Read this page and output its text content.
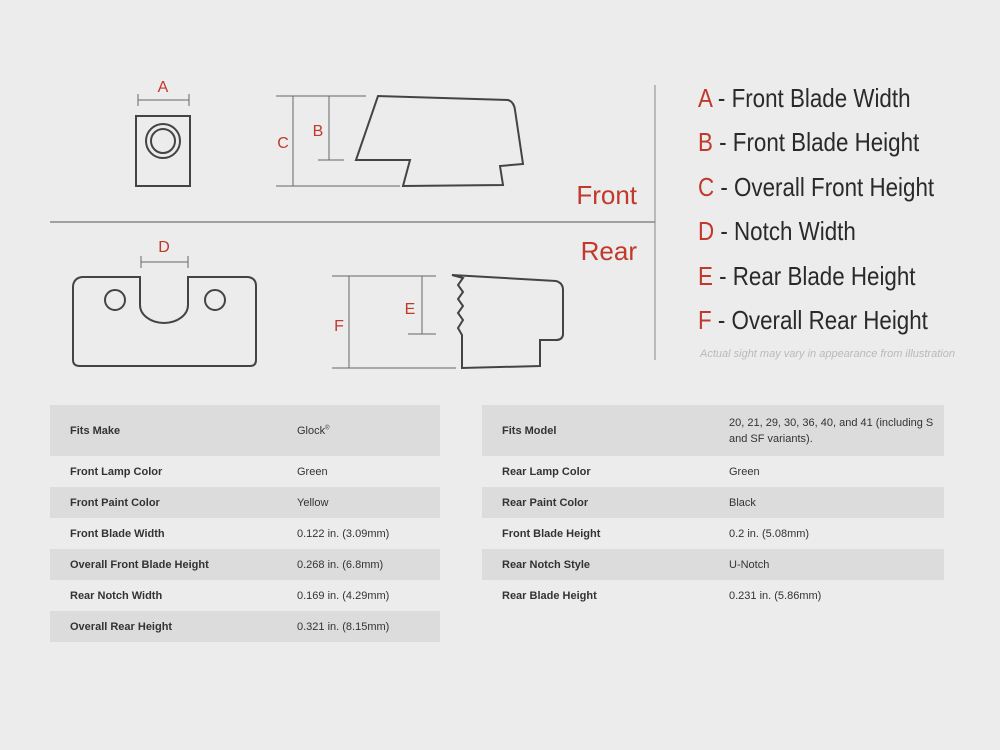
A
C
B
Front
D
F
E
Rear
A - Front Blade Width
B - Front Blade Height
C - Overall Front Height
D - Notch Width
E - Rear Blade Height
F - Overall Rear Height
Actual sight may vary in appearance from illustration
Fits Make	Glock®
Front Lamp Color	Green
Front Paint Color	Yellow
Front Blade Width	0.122 in. (3.09mm)
Overall Front Blade Height	0.268 in. (6.8mm)
Rear Notch Width	0.169 in. (4.29mm)
Overall Rear Height	0.321 in. (8.15mm)
Fits Model	20, 21, 29, 30, 36, 40, and 41 (including S
and SF variants).
Rear Lamp Color	Green
Rear Paint Color	Black
Front Blade Height	0.2 in. (5.08mm)
Rear Notch Style	U-Notch
Rear Blade Height	0.231 in. (5.86mm)
